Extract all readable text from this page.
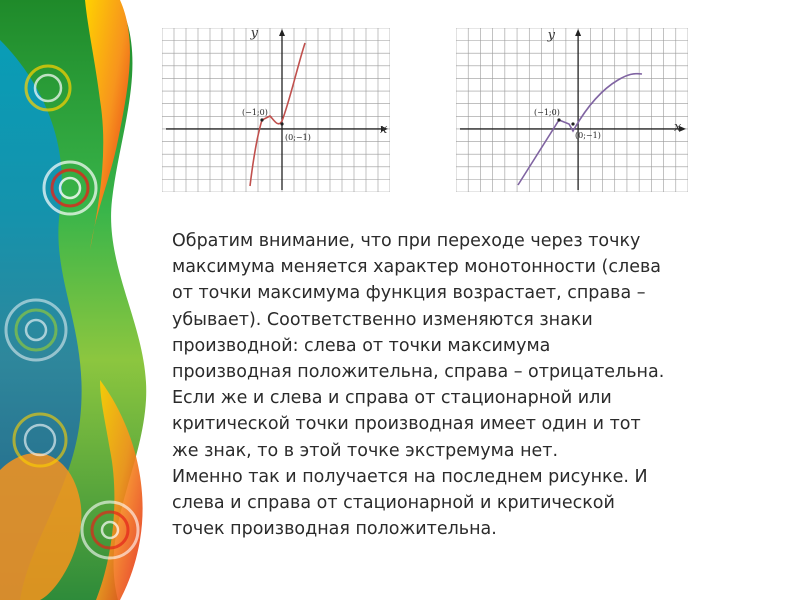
y
x
(−1;0)
(0;−1)
y
x
(−1;0)
(0;−1)

Обратим внимание, что при переходе через точку
максимума меняется характер монотонности (слева
от точки максимума функция возрастает, справа –
убывает). Соответственно изменяются знаки
производной: слева от точки максимума
производная положительна, справа – отрицательна.
Если же и слева и справа от стационарной или
критической точки производная имеет один и тот
же знак, то в этой точке экстремума нет.
Именно так и получается на последнем рисунке. И
слева и справа от стационарной и критической
точек производная положительна.
